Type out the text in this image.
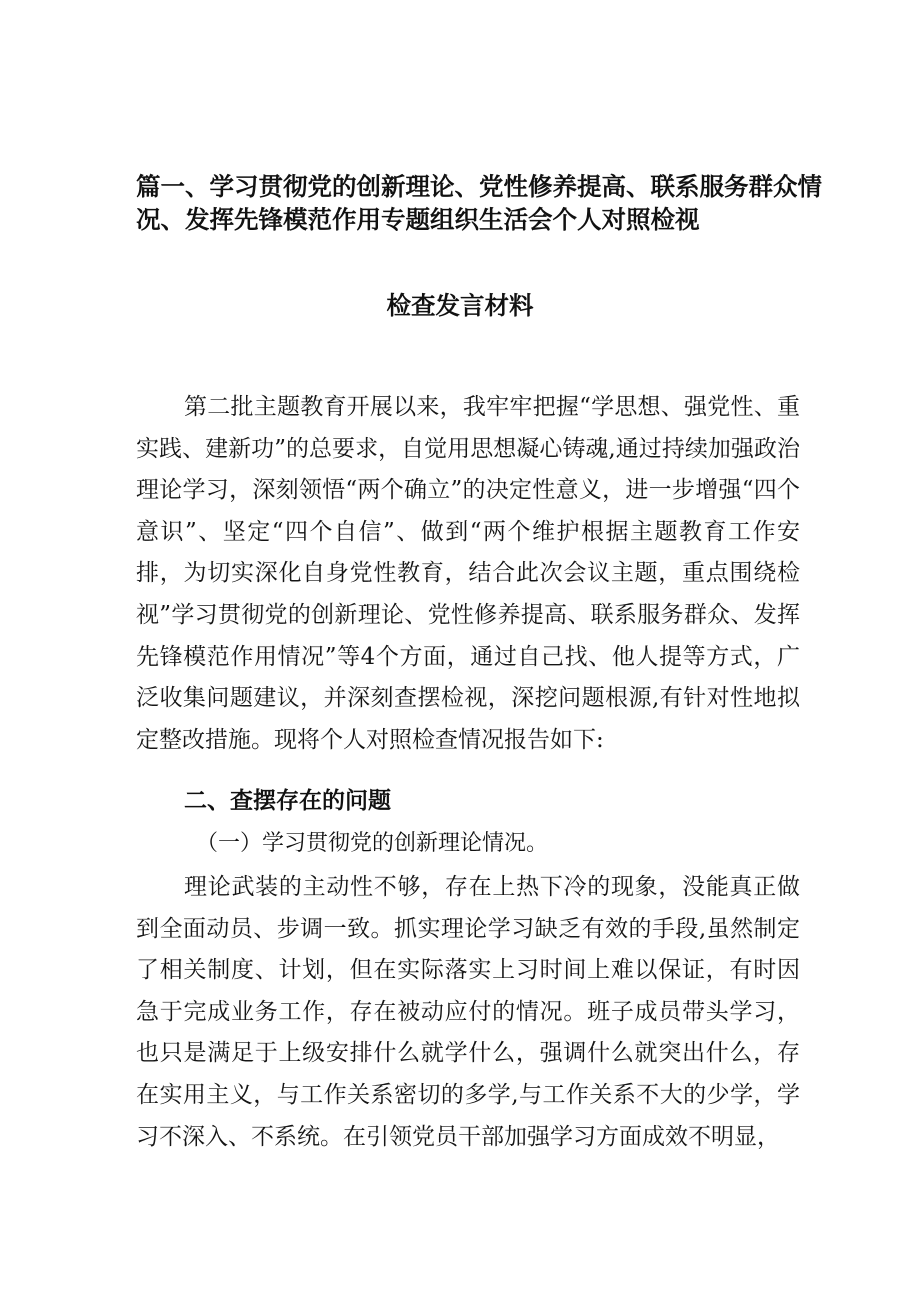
篇一、学习贯彻党的创新理论、党性修养提高、联系服务群众情
况、发挥先锋模范作用专题组织生活会个人对照检视
检查发言材料
第二批主题教育开展以来，我牢牢把握“学思想、强党性、重实践、建新功”的总要求，自觉用思想凝心铸魂,通过持续加强政治理论学习，深刻领悟“两个确立”的决定性意义，进一步增强“四个意识”、坚定“四个自信”、做到“两个维护根据主题教育工作安排，为切实深化自身党性教育，结合此次会议主题，重点围绕检视”学习贯彻党的创新理论、党性修养提高、联系服务群众、发挥先锋模范作用情况”等4个方面，通过自己找、他人提等方式，广泛收集问题建议，并深刻查摆检视，深挖问题根源,有针对性地拟定整改措施。现将个人对照检查情况报告如下:
二、查摆存在的问题
（一）学习贯彻党的创新理论情况。
理论武装的主动性不够，存在上热下冷的现象，没能真正做到全面动员、步调一致。抓实理论学习缺乏有效的手段,虽然制定了相关制度、计划，但在实际落实上习时间上难以保证，有时因急于完成业务工作，存在被动应付的情况。班子成员带头学习，也只是满足于上级安排什么就学什么，强调什么就突出什么，存在实用主义，与工作关系密切的多学,与工作关系不大的少学，学习不深入、不系统。在引领党员干部加强学习方面成效不明显，
